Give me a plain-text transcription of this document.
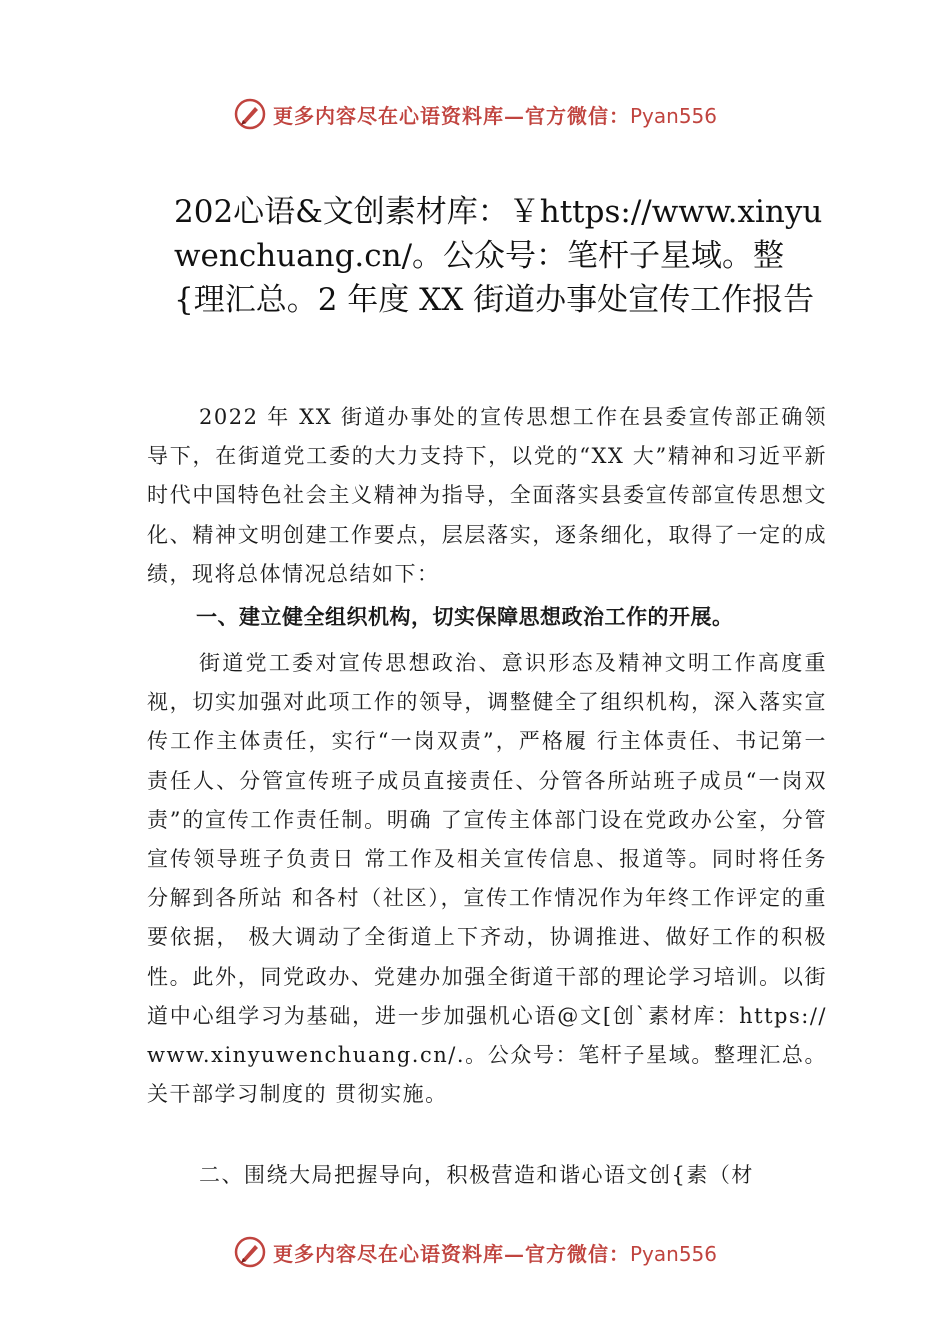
更多内容尽在心语资料库—官方微信：Pyan556
202心语&文创素材库：￥https://www.xinyuwenchuang.cn/。公众号：笔杆子星域。整{理汇总。2 年度 XX 街道办事处宣传工作报告

2022 年 XX 街道办事处的宣传思想工作在县委宣传部正确领导下，在街道党工委的大力支持下，以党的“XX 大”精神和习近平新时代中国特色社会主义精神为指导，全面落实县委宣传部宣传思想文化、精神文明创建工作要点，层层落实，逐条细化，取得了一定的成绩，现将总体情况总结如下：

一、建立健全组织机构，切实保障思想政治工作的开展。

街道党工委对宣传思想政治、意识形态及精神文明工作高度重视，切实加强对此项工作的领导，调整健全了组织机构，深入落实宣传工作主体责任，实行“一岗双责”，严格履 行主体责任、书记第一责任人、分管宣传班子成员直接责任、分管各所站班子成员“一岗双责”的宣传工作责任制。明确 了宣传主体部门设在党政办公室，分管宣传领导班子负责日 常工作及相关宣传信息、报道等。同时将任务分解到各所站 和各村（社区），宣传工作情况作为年终工作评定的重要依据， 极大调动了全街道上下齐动，协调推进、做好工作的积极性。此外，同党政办、党建办加强全街道干部的理论学习培训。以街道中心组学习为基础，进一步加强机心语@文[创`素材库：https://www.xinyuwenchuang.cn/.。公众号：笔杆子星域。整理汇总。关干部学习制度的 贯彻实施。

二、围绕大局把握导向，积极营造和谐心语文创{素（材

更多内容尽在心语资料库—官方微信：Pyan556
